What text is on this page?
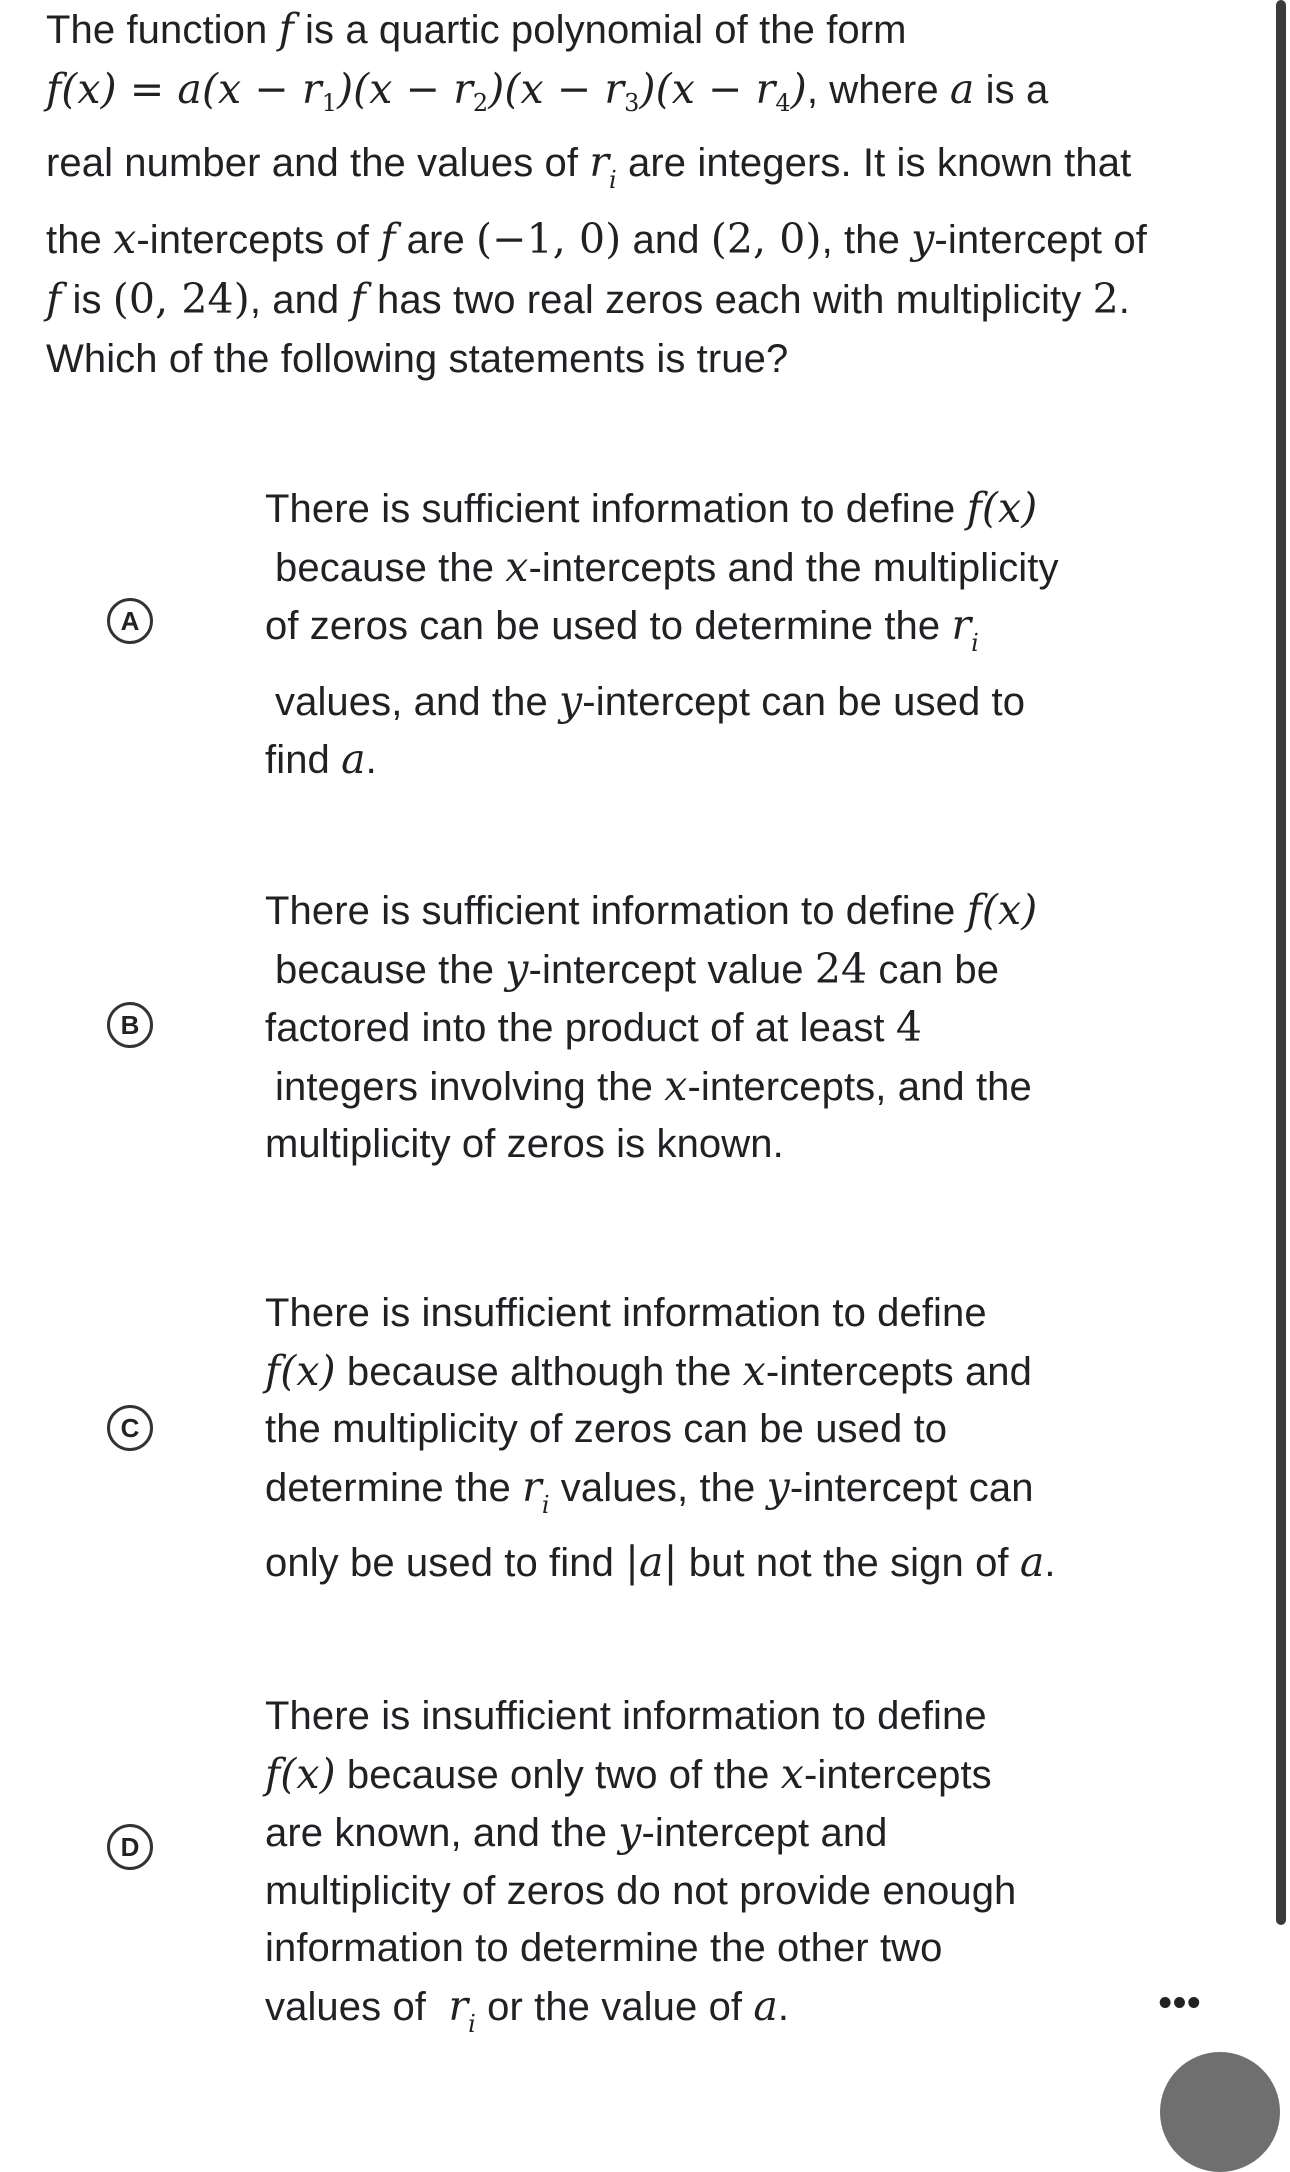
The function f is a quartic polynomial of the form

$f(x) = a(x - r_1)(x - r_2)(x - r_3)(x - r_4)$, where a is a

real number and the values of $r_i$ are integers. It is known that

the x-intercepts of f are (−1, 0) and (2, 0), the y-intercept of

f is (0, 24), and f has two real zeros each with multiplicity 2.

Which of the following statements is true?

A

There is sufficient information to define f(x)

because the x-intercepts and the multiplicity

of zeros can be used to determine the $r_i$

values, and the y-intercept can be used to

find a.

B

There is sufficient information to define f(x)

because the y-intercept value 24 can be

factored into the product of at least 4

integers involving the x-intercepts, and the

multiplicity of zeros is known.

C

There is insufficient information to define

f(x) because although the x-intercepts and

the multiplicity of zeros can be used to

determine the $r_i$ values, the y-intercept can

only be used to find |a| but not the sign of a.

D

There is insufficient information to define

f(x) because only two of the x-intercepts

are known, and the y-intercept and

multiplicity of zeros do not provide enough

information to determine the other two

values of  $r_i$ or the value of a.	•••
